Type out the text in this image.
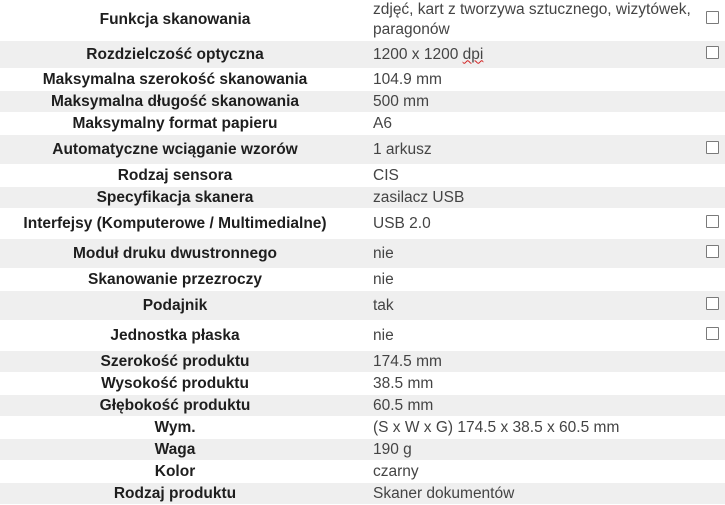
Funkcja skanowania	zdjęć, kart z tworzywa sztucznego, wizytówek,
paragonów	

Rozdzielczość optyczna	1200 x 1200 dpi	
Maksymalna szerokość skanowania	104.9 mm	
Maksymalna długość skanowania	500 mm	
Maksymalny format papieru	A6	
Automatyczne wciąganie wzorów	1 arkusz	
Rodzaj sensora	CIS	
Specyfikacja skanera	zasilacz USB	
Interfejsy (Komputerowe / Multimedialne)	USB 2.0	
Moduł druku dwustronnego	nie	
Skanowanie przezroczy	nie	
Podajnik	tak	
Jednostka płaska	nie	
Szerokość produktu	174.5 mm	
Wysokość produktu	38.5 mm	
Głębokość produktu	60.5 mm	
Wym.	(S x W x G) 174.5 x 38.5 x 60.5 mm	
Waga	190 g	
Kolor	czarny	
Rodzaj produktu	Skaner dokumentów	
